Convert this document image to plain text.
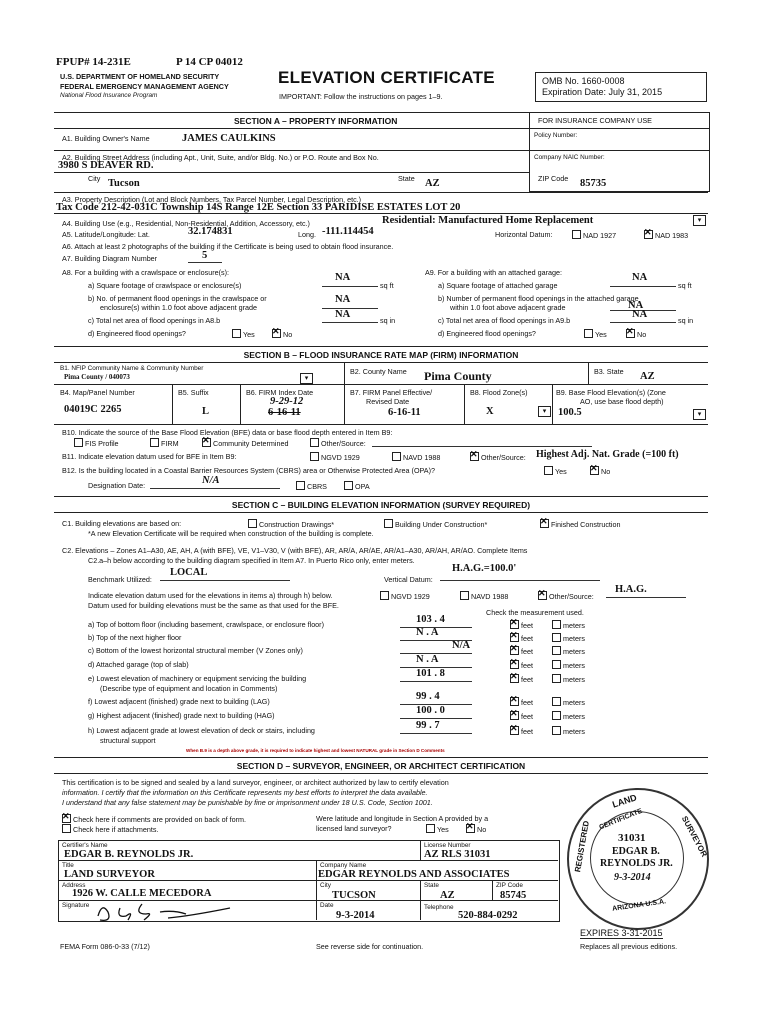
FPUP# 14-231E	P 14 CP 04012
U.S. DEPARTMENT OF HOMELAND SECURITY
FEDERAL EMERGENCY MANAGEMENT AGENCY
National Flood Insurance Program
ELEVATION CERTIFICATE
IMPORTANT: Follow the instructions on pages 1–9.
OMB No. 1660-0008
Expiration Date: July 31, 2015
SECTION A – PROPERTY INFORMATION	FOR INSURANCE COMPANY USE
Policy Number:
Company NAIC Number:
A1. Building Owner's Name	JAMES CAULKINS
A2. Building Street Address (including Apt., Unit, Suite, and/or Bldg. No.) or P.O. Route and Box No.
3980 S DEAVER RD.
City Tucson	State AZ	ZIP Code 85735
A3. Property Description (Lot and Block Numbers, Tax Parcel Number, Legal Description, etc.)
Tax Code 212-42-031C Township 14S Range 12E Section 33 PARIDISE ESTATES LOT 20
A4. Building Use (e.g., Residential, Non-Residential, Addition, Accessory, etc.)	Residential: Manufactured Home Replacement	▾
A5. Latitude/Longitude: Lat.	32.174831	Long. -111.114454	Horizontal Datum:	NAD 1927 ✕	NAD 1983
A6. Attach at least 2 photographs of the building if the Certificate is being used to obtain flood insurance.
A7. Building Diagram Number	5
A8. For a building with a crawlspace or enclosure(s):
a) Square footage of crawlspace or enclosure(s)
NA
sq ft
b) No. of permanent flood openings in the crawlspace or
enclosure(s) within 1.0 foot above adjacent grade
NA
c) Total net area of flood openings in A8.b
NA
sq in
d) Engineered flood openings?	Yes ✕	No
A9. For a building with an attached garage:
a) Square footage of attached garage
NA
sq ft
b) Number of permanent flood openings in the attached garage
within 1.0 foot above adjacent grade	NA
c) Total net area of flood openings in A9.b
NA
sq in
d) Engineered flood openings?	Yes ✕	No
SECTION B – FLOOD INSURANCE RATE MAP (FIRM) INFORMATION
B1. NFIP Community Name & Community Number
Pima County / 040073	▾
B2. County Name Pima County	B3. State AZ
B4. Map/Panel Number
04019C 2265
B5. Suffix
L
B6. FIRM Index Date
9-29-12
6-16-11
B7. FIRM Panel Effective/
Revised Date
6-16-11
B8. Flood Zone(s)
X	▾
B9. Base Flood Elevation(s) (Zone
AO, use base flood depth)
100.5	▾
B10. Indicate the source of the Base Flood Elevation (BFE) data or base flood depth entered in Item B9:
FIS Profile	FIRM ✕	Community Determined	Other/Source:
B11. Indicate elevation datum used for BFE in Item B9:	NGVD 1929	NAVD 1988 ✕	Other/Source: Highest Adj. Nat. Grade (=100 ft)
B12. Is the building located in a Coastal Barrier Resources System (CBRS) area or Otherwise Protected Area (OPA)?	Yes ✕	No
Designation Date:	N/A
CBRS	OPA
SECTION C – BUILDING ELEVATION INFORMATION (SURVEY REQUIRED)
C1. Building elevations are based on:	Construction Drawings*	Building Under Construction* ✕	Finished Construction
*A new Elevation Certificate will be required when construction of the building is complete.
C2. Elevations – Zones A1–A30, AE, AH, A (with BFE), VE, V1–V30, V (with BFE), AR, AR/A, AR/AE, AR/A1–A30, AR/AH, AR/AO. Complete Items
C2.a–h below according to the building diagram specified in Item A7. In Puerto Rico only, enter meters.
Benchmark Utilized:
LOCAL
Vertical Datum:
H.A.G.=100.0'
Indicate elevation datum used for the elevations in items a) through h) below.	NGVD 1929	NAVD 1988 ✕	Other/Source:
H.A.G.
Datum used for building elevations must be the same as that used for the BFE.
Check the measurement used.
a) Top of bottom floor (including basement, crawlspace, or enclosure floor)	103 . 4
✕feet	meters
b) Top of the next higher floor	N . A
✕feet	meters
c) Bottom of the lowest horizontal structural member (V Zones only)	N/A
✕feet	meters
d) Attached garage (top of slab)	N . A
✕feet	meters
e) Lowest elevation of machinery or equipment servicing the building	101 . 8
✕feet	meters
(Describe type of equipment and location in Comments)
f) Lowest adjacent (finished) grade next to building (LAG)	99 . 4
✕feet	meters
g) Highest adjacent (finished) grade next to building (HAG)	100 . 0
✕feet	meters
h) Lowest adjacent grade at lowest elevation of deck or stairs, including	99 . 7
✕feet	meters
structural support
When B.9 is a depth above grade, it is required to indicate highest and lowest NATURAL grade in Section D Comments
SECTION D – SURVEYOR, ENGINEER, OR ARCHITECT CERTIFICATION
This certification is to be signed and sealed by a land surveyor, engineer, or architect authorized by law to certify elevation
information. I certify that the information on this Certificate represents my best efforts to interpret the data available.
I understand that any false statement may be punishable by fine or imprisonment under 18 U.S. Code, Section 1001.
✕Check here if comments are provided on back of form.
Check here if attachments.
Were latitude and longitude in Section A provided by a
licensed land surveyor?	Yes ✕	No
Certifier's Name
EDGAR B. REYNOLDS JR.
License Number
AZ RLS 31031
Title
LAND SURVEYOR
Company Name
EDGAR REYNOLDS AND ASSOCIATES
Address
1926 W. CALLE MECEDORA
City
TUCSON
State
AZ
ZIP Code
85745
Signature	Date
9-3-2014
Telephone
520-884-0292
LAND
REGISTERED	SURVEYOR
CERTIFICATE
31031
EDGAR B.
REYNOLDS JR.
9-3-2014
ARIZONA U.S.A.
EXPIRES 3-31-2015
FEMA Form 086-0-33 (7/12)	See reverse side for continuation.	Replaces all previous editions.
